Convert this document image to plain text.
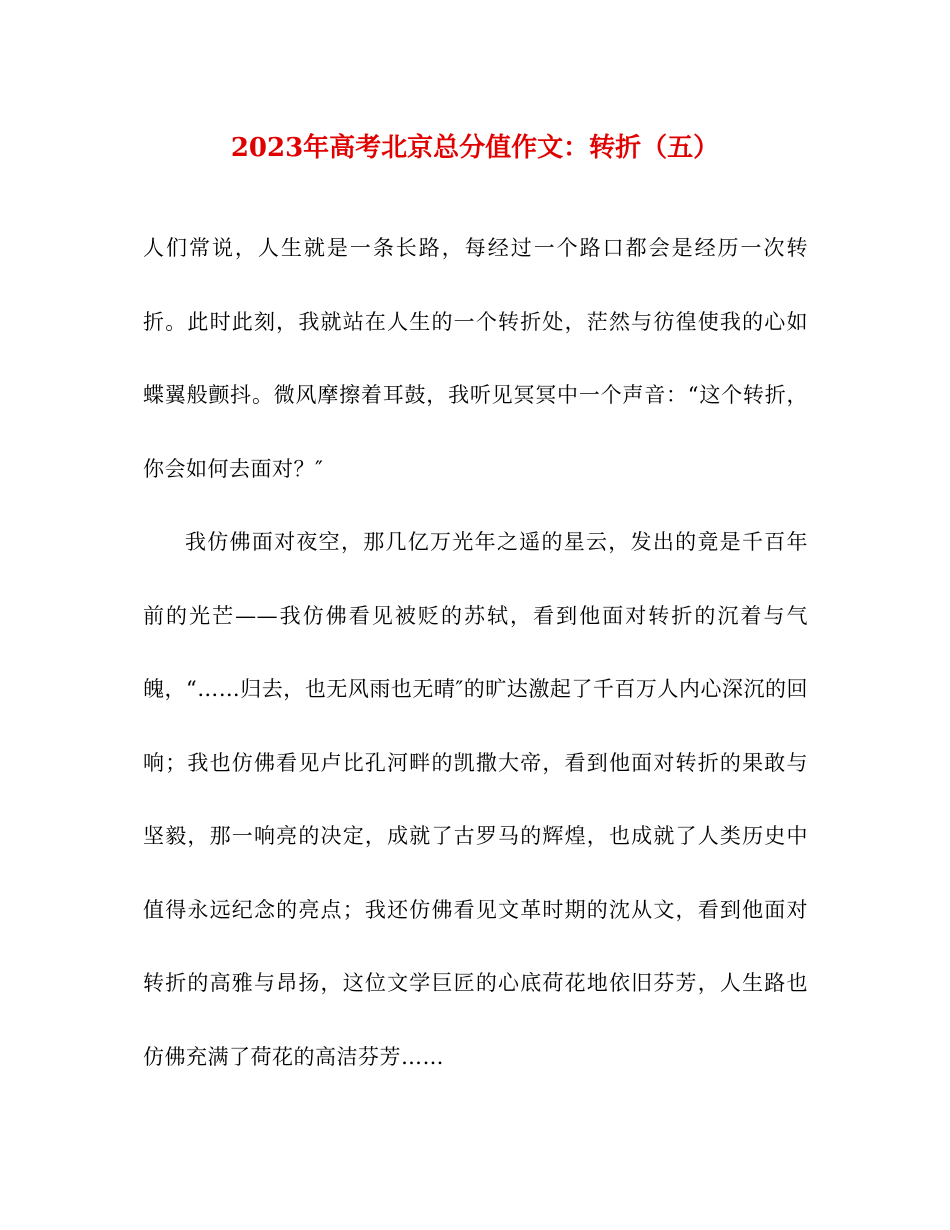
2023年高考北京总分值作文：转折（五）

人们常说，人生就是一条长路，每经过一个路口都会是经历一次转折。此时此刻，我就站在人生的一个转折处，茫然与彷徨使我的心如蝶翼般颤抖。微风摩擦着耳鼓，我听见冥冥中一个声音：“这个转折，你会如何去面对？″

我仿佛面对夜空，那几亿万光年之遥的星云，发出的竟是千百年前的光芒——我仿佛看见被贬的苏轼，看到他面对转折的沉着与气魄，“……归去，也无风雨也无晴″的旷达激起了千百万人内心深沉的回响；我也仿佛看见卢比孔河畔的凯撒大帝，看到他面对转折的果敢与坚毅，那一响亮的决定，成就了古罗马的辉煌，也成就了人类历史中值得永远纪念的亮点；我还仿佛看见文革时期的沈从文，看到他面对转折的高雅与昂扬，这位文学巨匠的心底荷花地依旧芬芳，人生路也仿佛充满了荷花的高洁芬芳……
